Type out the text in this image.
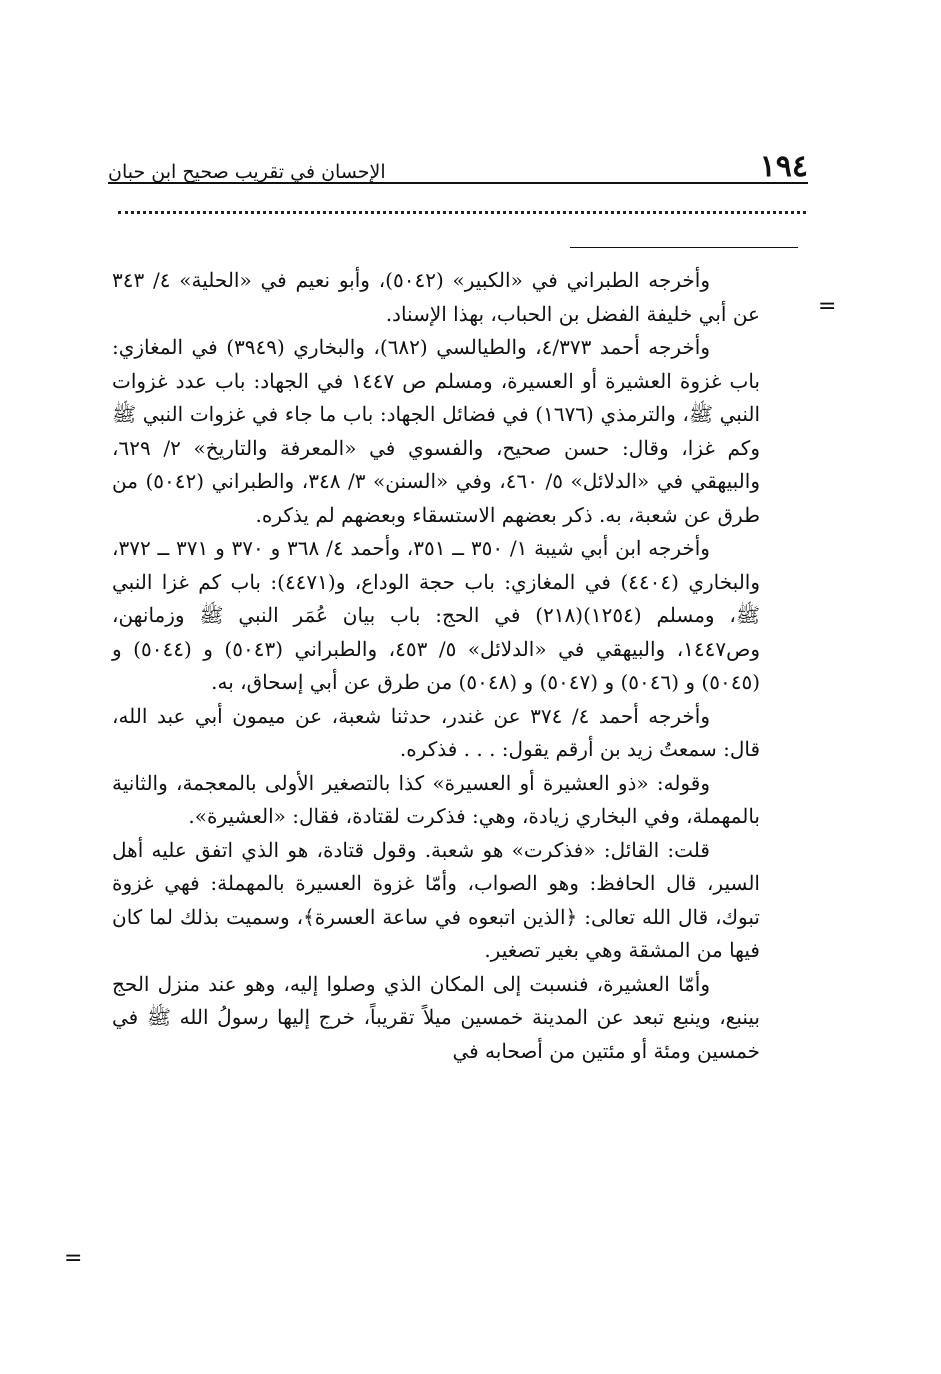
١٩٤
الإحسان في تقريب صحيح ابن حبان
=

وأخرجه الطبراني في «الكبير» (٥٠٤٢)، وأبو نعيم في «الحلية» ٤/ ٣٤٣ عن أبي خليفة الفضل بن الحباب، بهذا الإسناد.

وأخرجه أحمد ٤/٣٧٣، والطيالسي (٦٨٢)، والبخاري (٣٩٤٩) في المغازي: باب غزوة العشيرة أو العسيرة، ومسلم ص ١٤٤٧ في الجهاد: باب عدد غزوات النبي ﷺ، والترمذي (١٦٧٦) في فضائل الجهاد: باب ما جاء في غزوات النبي ﷺ وكم غزا، وقال: حسن صحيح، والفسوي في «المعرفة والتاريخ» ٢/ ٦٢٩، والبيهقي في «الدلائل» ٥/ ٤٦٠، وفي «السنن» ٣/ ٣٤٨، والطبراني (٥٠٤٢) من طرق عن شعبة، به. ذكر بعضهم الاستسقاء وبعضهم لم يذكره.

وأخرجه ابن أبي شيبة ١/ ٣٥٠ ــ ٣٥١، وأحمد ٤/ ٣٦٨ و ٣٧٠ و ٣٧١ ــ ٣٧٢، والبخاري (٤٤٠٤) في المغازي: باب حجة الوداع، و(٤٤٧١): باب كم غزا النبي ﷺ، ومسلم (١٢٥٤)(٢١٨) في الحج: باب بيان عُمَر النبي ﷺ وزمانهن، وص١٤٤٧، والبيهقي في «الدلائل» ٥/ ٤٥٣، والطبراني (٥٠٤٣) و (٥٠٤٤) و (٥٠٤٥) و (٥٠٤٦) و (٥٠٤٧) و (٥٠٤٨) من طرق عن أبي إسحاق، به.

وأخرجه أحمد ٤/ ٣٧٤ عن غندر، حدثنا شعبة، عن ميمون أبي عبد الله، قال: سمعتُ زيد بن أرقم يقول: . . . فذكره.

وقوله: «ذو العشيرة أو العسيرة» كذا بالتصغير الأولى بالمعجمة، والثانية بالمهملة، وفي البخاري زيادة، وهي: فذكرت لقتادة، فقال: «العشيرة».

قلت: القائل: «فذكرت» هو شعبة. وقول قتادة، هو الذي اتفق عليه أهل السير، قال الحافظ: وهو الصواب، وأمّا غزوة العسيرة بالمهملة: فهي غزوة تبوك، قال الله تعالى: ﴿الذين اتبعوه في ساعة العسرة﴾، وسميت بذلك لما كان فيها من المشقة وهي بغير تصغير.

وأمّا العشيرة، فنسبت إلى المكان الذي وصلوا إليه، وهو عند منزل الحج بينبع، وينبع تبعد عن المدينة خمسين ميلاً تقريباً، خرج إليها رسولُ الله ﷺ في خمسين ومئة أو مئتين من أصحابه في

=
